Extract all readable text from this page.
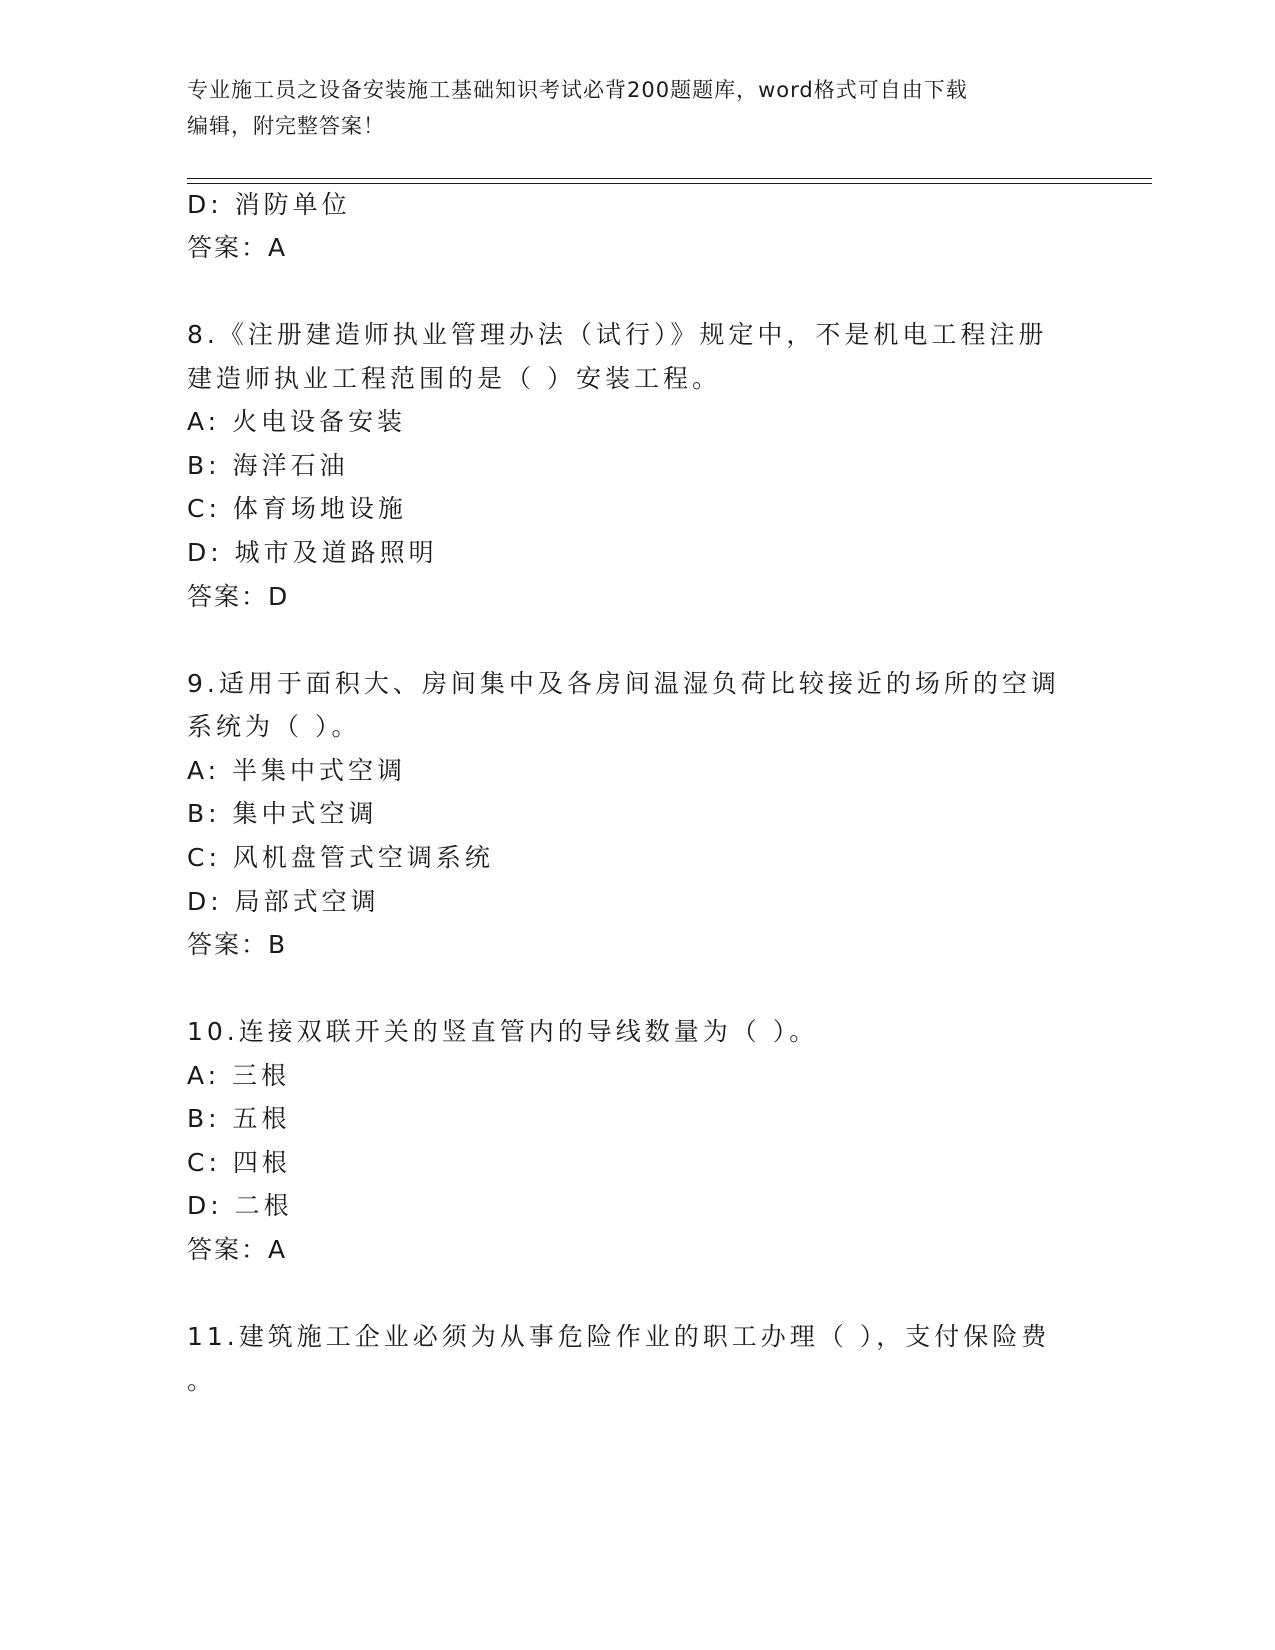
专业施工员之设备安装施工基础知识考试必背200题题库，word格式可自由下载
编辑，附完整答案！
D: 消防单位
答案：A
8.《注册建造师执业管理办法（试行）》规定中，不是机电工程注册
建造师执业工程范围的是（ ）安装工程。
A: 火电设备安装
B: 海洋石油
C: 体育场地设施
D: 城市及道路照明
答案：D
9.适用于面积大、房间集中及各房间温湿负荷比较接近的场所的空调
系统为（ ）。
A: 半集中式空调
B: 集中式空调
C: 风机盘管式空调系统
D: 局部式空调
答案：B
10.连接双联开关的竖直管内的导线数量为（ ）。
A: 三根
B: 五根
C: 四根
D: 二根
答案：A
11.建筑施工企业必须为从事危险作业的职工办理（ ），支付保险费
。
